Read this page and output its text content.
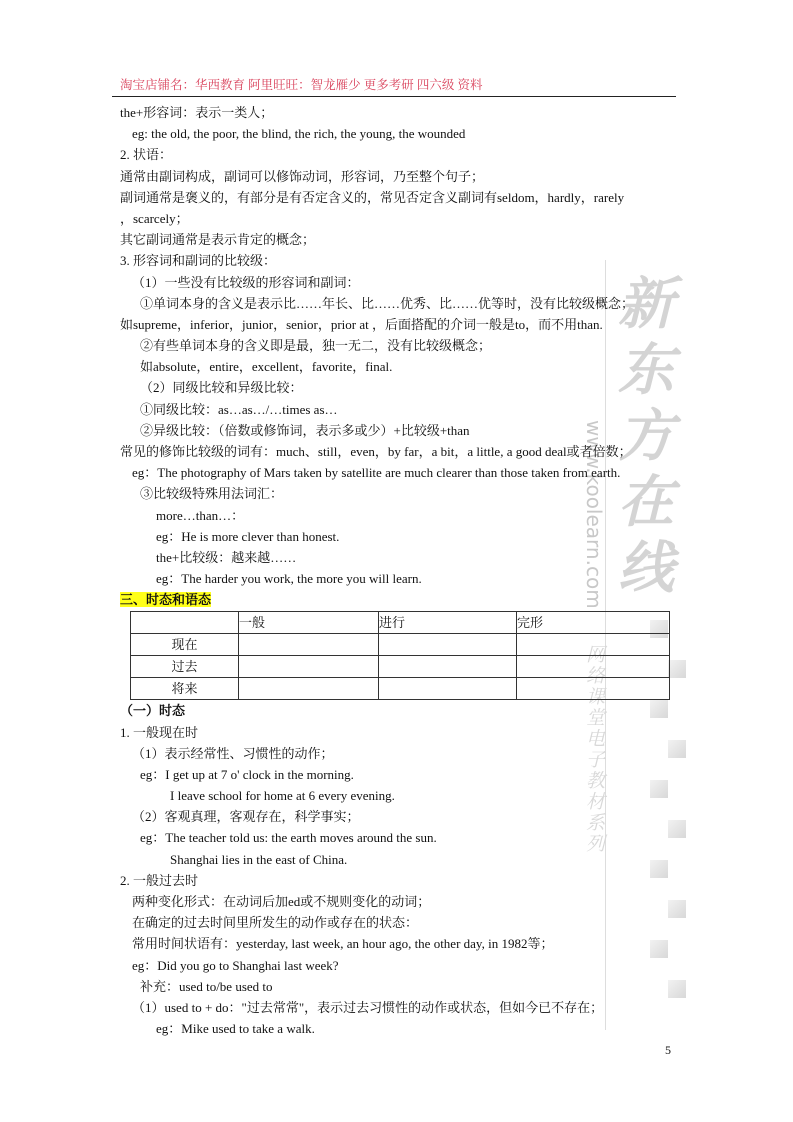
淘宝店铺名：华西教育 阿里旺旺：智龙雁少 更多考研 四六级 资料
新东方在线
www.koolearn.com
网络课堂电子教材系列
the+形容词：表示一类人；
eg: the old, the poor, the blind, the rich, the young, the wounded
2. 状语：
通常由副词构成，副词可以修饰动词，形容词，乃至整个句子；
副词通常是褒义的，有部分是有否定含义的，常见否定含义副词有seldom，hardly，rarely
，scarcely；
其它副词通常是表示肯定的概念；
3. 形容词和副词的比较级：
（1）一些没有比较级的形容词和副词：
①单词本身的含义是表示比……年长、比……优秀、比……优等时，没有比较级概念；
如supreme，inferior，junior，senior，prior at ，后面搭配的介词一般是to，而不用than.
②有些单词本身的含义即是最，独一无二，没有比较级概念；
如absolute，entire，excellent，favorite，final.
（2）同级比较和异级比较：
①同级比较：as…as…/…times as…
②异级比较：（倍数或修饰词，表示多或少）+比较级+than
常见的修饰比较级的词有：much、still，even，by far，a bit，a little, a good deal或者倍数；
eg：The photography of Mars taken by satellite are much clearer than those taken from earth.
③比较级特殊用法词汇：
more…than…：
eg：He is more clever than honest.
the+比较级：越来越……
eg：The harder you work, the more you will learn.
三、时态和语态
	一般	进行	完形
现在			
过去			
将来			
（一）时态
1. 一般现在时
（1）表示经常性、习惯性的动作；
eg：I get up at 7 o' clock in the morning.
I leave school for home at 6 every evening.
（2）客观真理，客观存在，科学事实；
eg：The teacher told us: the earth moves around the sun.
Shanghai lies in the east of China.
2. 一般过去时
两种变化形式：在动词后加ed或不规则变化的动词；
在确定的过去时间里所发生的动作或存在的状态：
常用时间状语有：yesterday, last week, an hour ago, the other day, in 1982等；
eg：Did you go to Shanghai last week?
补充：used to/be used to
（1）used to + do："过去常常"，表示过去习惯性的动作或状态，但如今已不存在；
eg：Mike used to take a walk.
5
